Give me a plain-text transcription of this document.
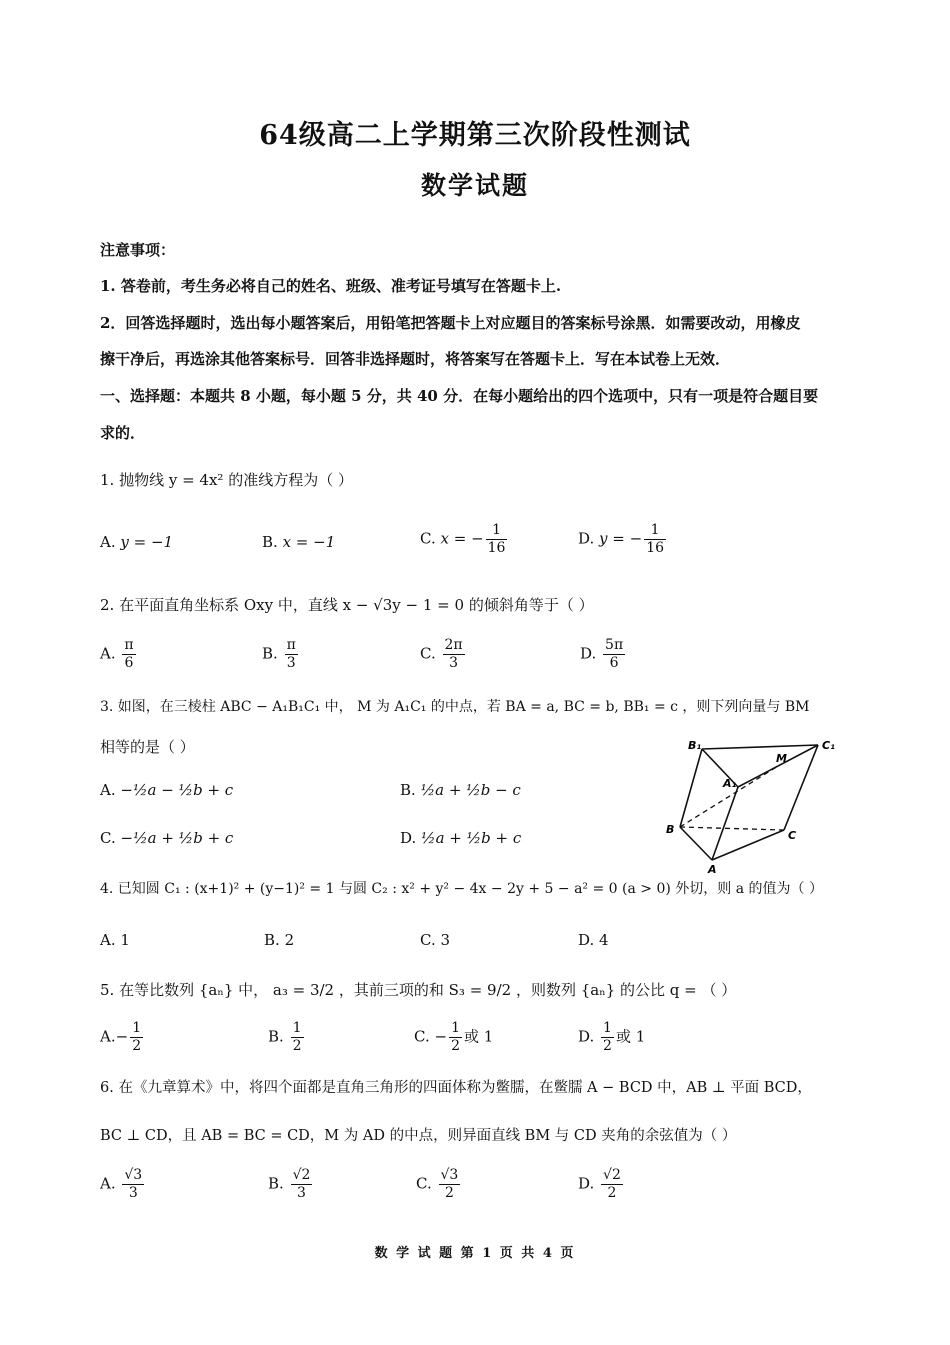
64级高二上学期第三次阶段性测试
数学试题
注意事项：
1. 答卷前，考生务必将自己的姓名、班级、准考证号填写在答题卡上.
2．回答选择题时，选出每小题答案后，用铅笔把答题卡上对应题目的答案标号涂黑．如需要改动，用橡皮
擦干净后，再选涂其他答案标号．回答非选择题时，将答案写在答题卡上．写在本试卷上无效．
一、选择题：本题共 8 小题，每小题 5 分，共 40 分．在每小题给出的四个选项中，只有一项是符合题目要
求的．
1. 抛物线 y = 4x² 的准线方程为（ ）
A. y = −1	B. x = −1	C. x = − $\frac{1}{16}$	D. y = − $\frac{1}{16}$
2. 在平面直角坐标系 Oxy 中，直线 x − √3y − 1 = 0 的倾斜角等于（ ）
A. $\frac{\pi}{6}$	B. $\frac{\pi}{3}$	C. $\frac{2\pi}{3}$	D. $\frac{5\pi}{6}$
3. 如图，在三棱柱 ABC − A₁B₁C₁ 中， M 为 A₁C₁ 的中点，若 BA = a, BC = b, BB₁ = c ，则下列向量与 BM
相等的是（ ）
A. −½a − ½b + c	B. ½a + ½b − c
C. −½a + ½b + c	D. ½a + ½b + c
B₁	C₁
A₁
M
B	C
A
4. 已知圆 C₁ : (x+1)² + (y−1)² = 1 与圆 C₂ : x² + y² − 4x − 2y + 5 − a² = 0 (a > 0) 外切，则 a 的值为（ ）
A. 1	B. 2	C. 3	D. 4
5. 在等比数列 {aₙ} 中， a₃ = 3/2 ，其前三项的和 S₃ = 9/2 ，则数列 {aₙ} 的公比 q = （ ）
$A.- \frac{1}{2}$	B. $\frac{1}{2}$	C. − $\frac{1}{2}$ 或 1	D. $\frac{1}{2}$ 或 1
6. 在《九章算术》中，将四个面都是直角三角形的四面体称为鳖臑，在鳖臑 A − BCD 中，AB ⊥ 平面 BCD，
BC ⊥ CD，且 AB = BC = CD，M 为 AD 的中点，则异面直线 BM 与 CD 夹角的余弦值为（ ）
A. $\frac{√3}{3}$	B. $\frac{√2}{3}$	C. $\frac{√3}{2}$	D. $\frac{√2}{2}$
数 学 试 题 第 1 页 共 4 页
